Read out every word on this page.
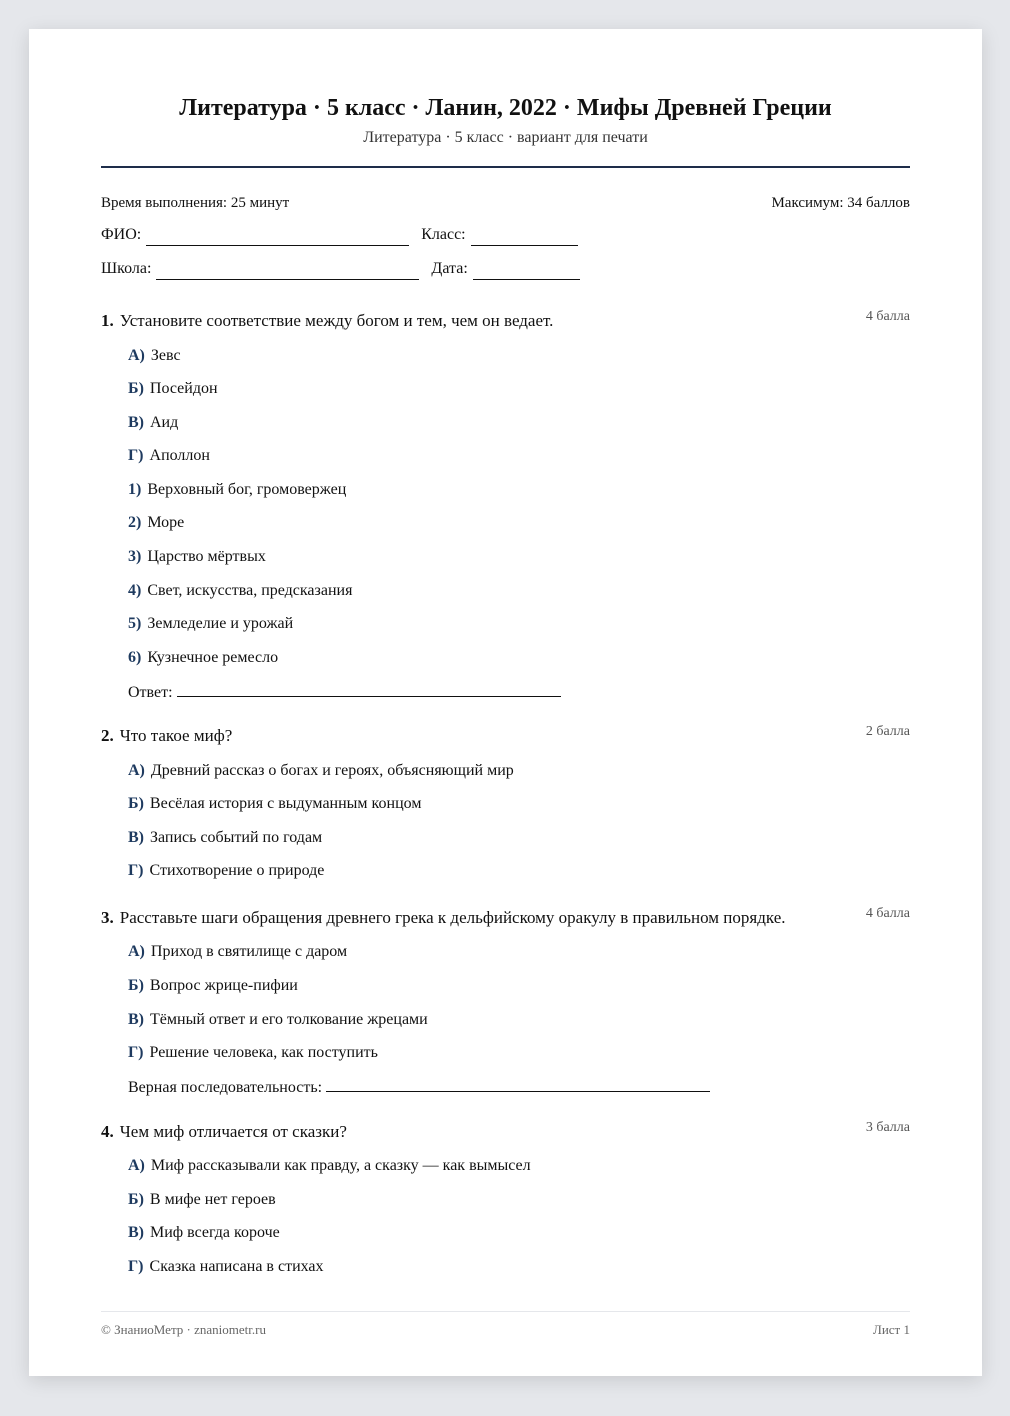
Литература · 5 класс · Ланин, 2022 · Мифы Древней Греции
Литература · 5 класс · вариант для печати
Время выполнения: 25 минут	Максимум: 34 баллов
ФИО:	Класс:
Школа:	Дата:
1. Установите соответствие между богом и тем, чем он ведает.	4 балла
А) Зевс
Б) Посейдон
В) Аид
Г) Аполлон
1) Верховный бог, громовержец
2) Море
3) Царство мёртвых
4) Свет, искусства, предсказания
5) Земледелие и урожай
6) Кузнечное ремесло
Ответ:
2. Что такое миф?	2 балла
А) Древний рассказ о богах и героях, объясняющий мир
Б) Весёлая история с выдуманным концом
В) Запись событий по годам
Г) Стихотворение о природе
3. Расставьте шаги обращения древнего грека к дельфийскому оракулу в правильном порядке.	4 балла
А) Приход в святилище с даром
Б) Вопрос жрице-пифии
В) Тёмный ответ и его толкование жрецами
Г) Решение человека, как поступить
Верная последовательность:
4. Чем миф отличается от сказки?	3 балла
А) Миф рассказывали как правду, а сказку — как вымысел
Б) В мифе нет героев
В) Миф всегда короче
Г) Сказка написана в стихах
© ЗнаниоМетр · znaniometr.ru	Лист 1
